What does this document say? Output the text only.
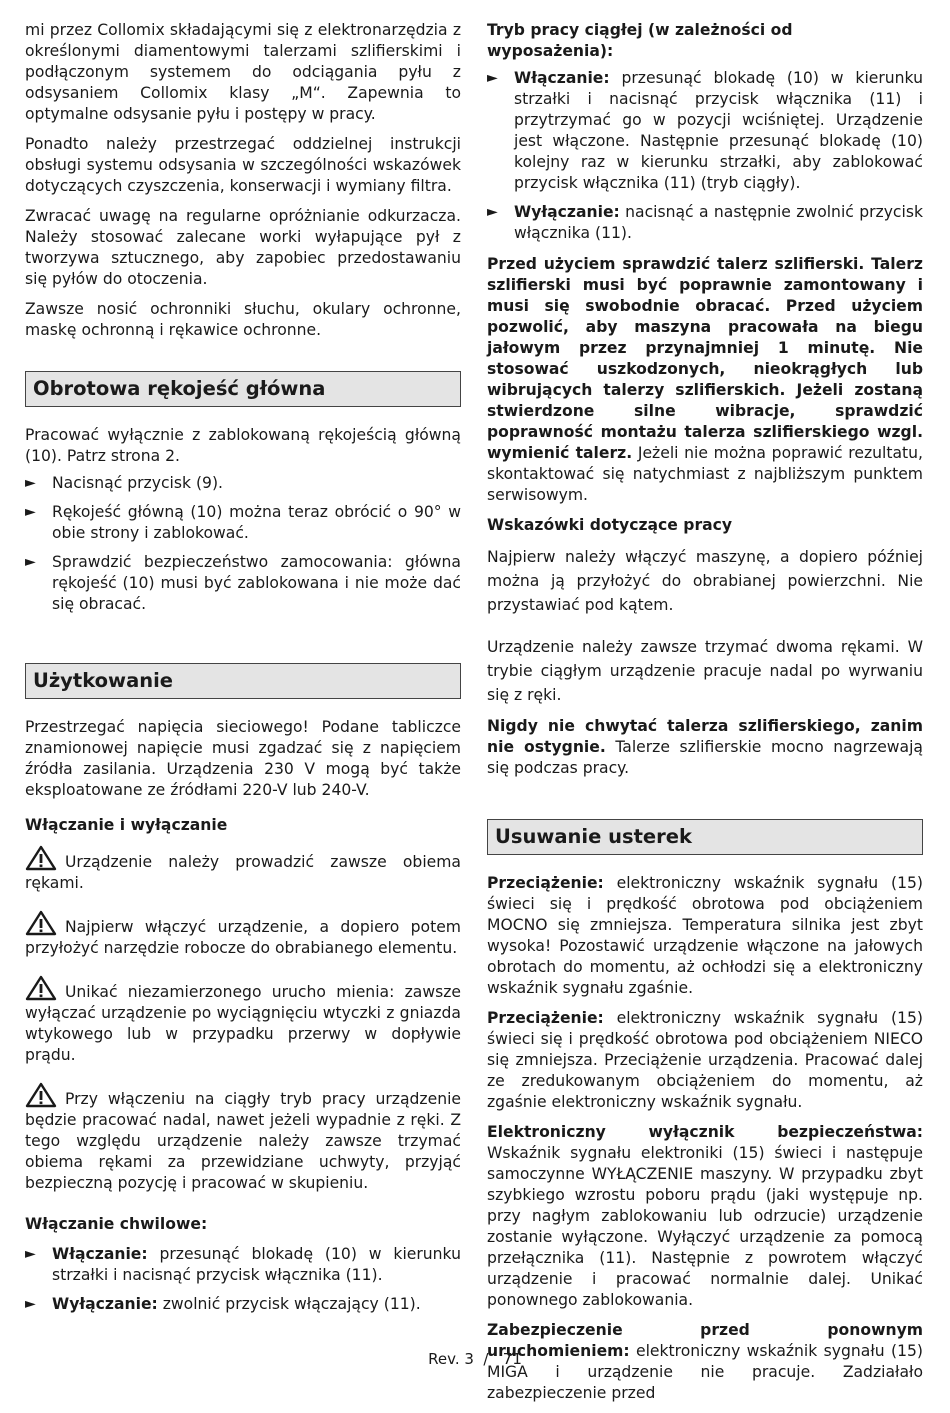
mi przez Collomix składającymi się z elektronarzędzia z określonymi diamentowymi talerzami szlifierskimi i podłączonym systemem do odciągania pyłu z odsysaniem Collomix klasy „M“. Zapewnia to optymalne odsysanie pyłu i postępy w pracy.

Ponadto należy przestrzegać oddzielnej instrukcji obsługi systemu odsysania w szczególności wskazówek dotyczących czyszczenia, konserwacji i wymiany filtra.

Zwracać uwagę na regularne opróżnianie odkurzacza. Należy stosować zalecane worki wyłapujące pył z tworzywa sztucznego, aby zapobiec przedostawaniu się pyłów do otoczenia.

Zawsze nosić ochronniki słuchu, okulary ochronne, maskę ochronną i rękawice ochronne.

Obrotowa rękojeść główna

Pracować wyłącznie z zablokowaną rękojeścią główną (10). Patrz strona 2.

►	Nacisnąć przycisk (9).
►	Rękojeść główną (10) można teraz obrócić o 90° w obie strony i zablokować.
►	Sprawdzić bezpieczeństwo zamocowania: główna rękojeść (10) musi być zablokowana i nie może dać się obracać.
Użytkowanie

Przestrzegać napięcia sieciowego! Podane tabliczce znamionowej napięcie musi zgadzać się z napięciem źródła zasilania. Urządzenia 230 V mogą być także eksploatowane ze źródłami 220-V lub 240-V.

Włączanie i wyłączanie
Urządzenie należy prowadzić zawsze obiema rękami.
Najpierw włączyć urządzenie, a dopiero potem przyłożyć narzędzie robocze do obrabianego elementu.
Unikać niezamierzonego urucho mienia: zawsze wyłączać urządzenie po wyciągnięciu wtyczki z gniazda wtykowego lub w przypadku przerwy w dopływie prądu.
Przy włączeniu na ciągły tryb pracy urządzenie będzie pracować nadal, nawet jeżeli wypadnie z ręki. Z tego względu urządzenie należy zawsze trzymać obiema rękami za przewidziane uchwyty, przyjąć bezpieczną pozycję i pracować w skupieniu.
Włączanie chwilowe:
►	Włączanie: przesunąć blokadę (10) w kierunku strzałki i nacisnąć przycisk włącznika (11).
►	Wyłączanie: zwolnić przycisk włączający (11).
Tryb pracy ciągłej (w zależności od wyposażenia):
►	Włączanie: przesunąć blokadę (10) w kierunku strzałki i nacisnąć przycisk włącznika (11) i przytrzymać go w pozycji wciśniętej. Urządzenie jest włączone. Następnie przesunąć blokadę (10) kolejny raz w kierunku strzałki, aby zablokować przycisk włącznika (11) (tryb ciągły).
►	Wyłączanie: nacisnąć a następnie zwolnić przycisk włącznika (11).

Przed użyciem sprawdzić talerz szlifierski. Talerz szlifierski musi być poprawnie zamontowany i musi się swobodnie obracać. Przed użyciem pozwolić, aby maszyna pracowała na biegu jałowym przez przynajmniej 1 minutę. Nie stosować uszkodzonych, nieokrągłych lub wibrujących talerzy szlifierskich. Jeżeli zostaną stwierdzone silne wibracje, sprawdzić poprawność montażu talerza szlifierskiego wzgl. wymienić talerz. Jeżeli nie można poprawić rezultatu, skontaktować się natychmiast z najbliższym punktem serwisowym.

Wskazówki dotyczące pracy

Najpierw należy włączyć maszynę, a dopiero później można ją przyłożyć do obrabianej powierzchni. Nie przystawiać pod kątem.

Urządzenie należy zawsze trzymać dwoma rękami. W trybie ciągłym urządzenie pracuje nadal po wyrwaniu się z ręki.

Nigdy nie chwytać talerza szlifierskiego, zanim nie ostygnie. Talerze szlifierskie mocno nagrzewają się podczas pracy.

Usuwanie usterek

Przeciążenie: elektroniczny wskaźnik sygnału (15) świeci się i prędkość obrotowa pod obciążeniem MOCNO się zmniejsza. Temperatura silnika jest zbyt wysoka! Pozostawić urządzenie włączone na jałowych obrotach do momentu, aż ochłodzi się a elektroniczny wskaźnik sygnału zgaśnie.

Przeciążenie: elektroniczny wskaźnik sygnału (15) świeci się i prędkość obrotowa pod obciążeniem NIECO się zmniejsza. Przeciążenie urządzenia. Pracować dalej ze zredukowanym obciążeniem do momentu, aż zgaśnie elektroniczny wskaźnik sygnału.

Elektroniczny wyłącznik bezpieczeństwa: Wskaźnik sygnału elektroniki (15) świeci i następuje samoczynne WYŁĄCZENIE maszyny. W przypadku zbyt szybkiego wzrostu poboru prądu (jaki występuje np. przy nagłym zablokowaniu lub odrzucie) urządzenie zostanie wyłączone. Wyłączyć urządzenie za pomocą przełącznika (11). Następnie z powrotem włączyć urządzenie i pracować normalnie dalej. Unikać ponownego zablokowania.

Zabezpieczenie przed ponownym uruchomieniem: elektroniczny wskaźnik sygnału (15) MIGA i urządzenie nie pracuje. Zadziałało zabezpieczenie przed

Rev. 3  /   71
